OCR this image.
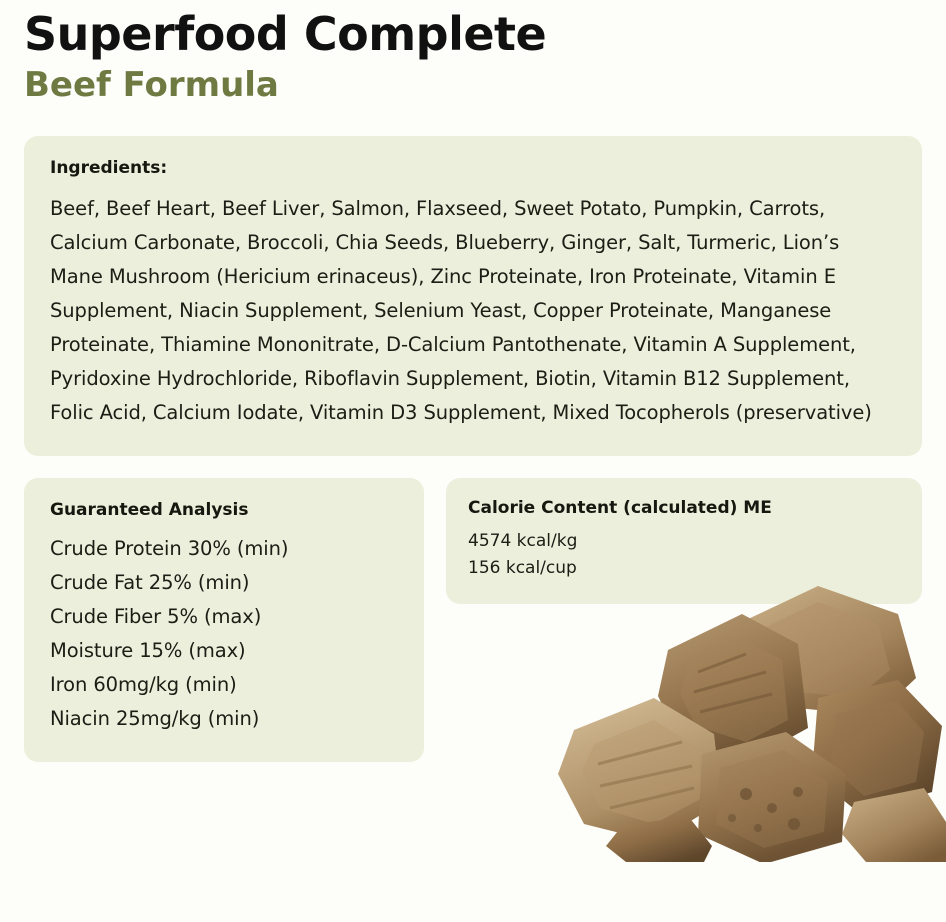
Superfood Complete
Beef Formula
Ingredients:

Beef, Beef Heart, Beef Liver, Salmon, Flaxseed, Sweet Potato, Pumpkin, Carrots, Calcium Carbonate, Broccoli, Chia Seeds, Blueberry, Ginger, Salt, Turmeric, Lion’s Mane Mushroom (Hericium erinaceus), Zinc Proteinate, Iron Proteinate, Vitamin E Supplement, Niacin Supplement, Selenium Yeast, Copper Proteinate, Manganese Proteinate, Thiamine Mononitrate, D-Calcium Pantothenate, Vitamin A Supplement, Pyridoxine Hydrochloride, Riboflavin Supplement, Biotin, Vitamin B12 Supplement, Folic Acid, Calcium Iodate, Vitamin D3 Supplement, Mixed Tocopherols (preservative)

Guaranteed Analysis
Crude Protein 30% (min)
Crude Fat 25% (min)
Crude Fiber 5% (max)
Moisture 15% (max)
Iron 60mg/kg (min)
Niacin 25mg/kg (min)
Calorie Content (calculated) ME

4574 kcal/kg

156 kcal/cup
